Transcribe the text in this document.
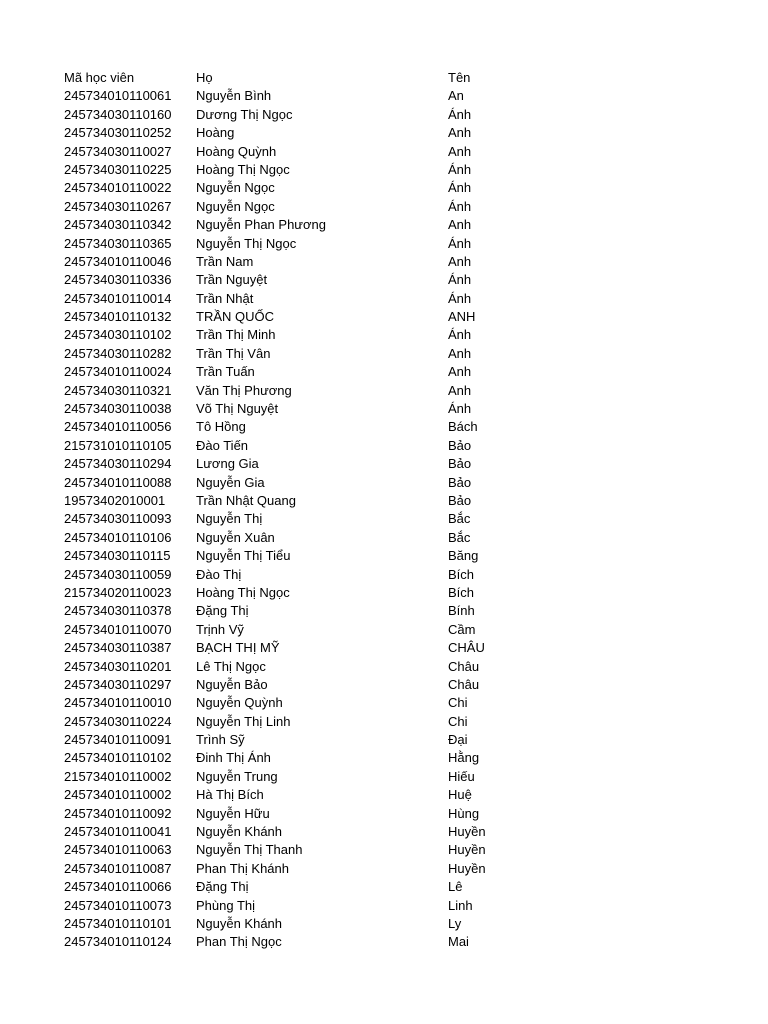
Mã học viên	Họ	Tên
245734010110061	Nguyễn Bình	An
245734030110160	Dương Thị Ngọc	Ánh
245734030110252	Hoàng	Anh
245734030110027	Hoàng Quỳnh	Anh
245734030110225	Hoàng Thị Ngọc	Ánh
245734010110022	Nguyễn Ngọc	Ánh
245734030110267	Nguyễn Ngọc	Ánh
245734030110342	Nguyễn Phan Phương	Anh
245734030110365	Nguyễn Thị Ngọc	Ánh
245734010110046	Trần Nam	Anh
245734030110336	Trần Nguyệt	Ánh
245734010110014	Trần Nhật	Ánh
245734010110132	TRẦN QUỐC	ANH
245734030110102	Trần Thị Minh	Ánh
245734030110282	Trần Thị Vân	Anh
245734010110024	Trần Tuấn	Anh
245734030110321	Văn Thị Phương	Anh
245734030110038	Võ Thị Nguyệt	Ánh
245734010110056	Tô Hồng	Bách
215731010110105	Đào Tiến	Bảo
245734030110294	Lương Gia	Bảo
245734010110088	Nguyễn Gia	Bảo
19573402010001	Trần Nhật Quang	Bảo
245734030110093	Nguyễn Thị	Bắc
245734010110106	Nguyễn Xuân	Bắc
245734030110115	Nguyễn Thị Tiểu	Băng
245734030110059	Đào Thị	Bích
215734020110023	Hoàng Thị Ngọc	Bích
245734030110378	Đặng Thị	Bính
245734010110070	Trịnh Vỹ	Cầm
245734030110387	BẠCH THỊ MỸ	CHÂU
245734030110201	Lê Thị Ngọc	Châu
245734030110297	Nguyễn Bảo	Châu
245734010110010	Nguyễn Quỳnh	Chi
245734030110224	Nguyễn Thị Linh	Chi
245734010110091	Trình Sỹ	Đại
245734010110102	Đinh Thị Ánh	Hằng
215734010110002	Nguyễn Trung	Hiếu
245734010110002	Hà Thị Bích	Huệ
245734010110092	Nguyễn Hữu	Hùng
245734010110041	Nguyễn Khánh	Huyền
245734010110063	Nguyễn Thị Thanh	Huyền
245734010110087	Phan Thị Khánh	Huyền
245734010110066	Đặng Thị	Lê
245734010110073	Phùng Thị	Linh
245734010110101	Nguyễn Khánh	Ly
245734010110124	Phan Thị Ngọc	Mai
